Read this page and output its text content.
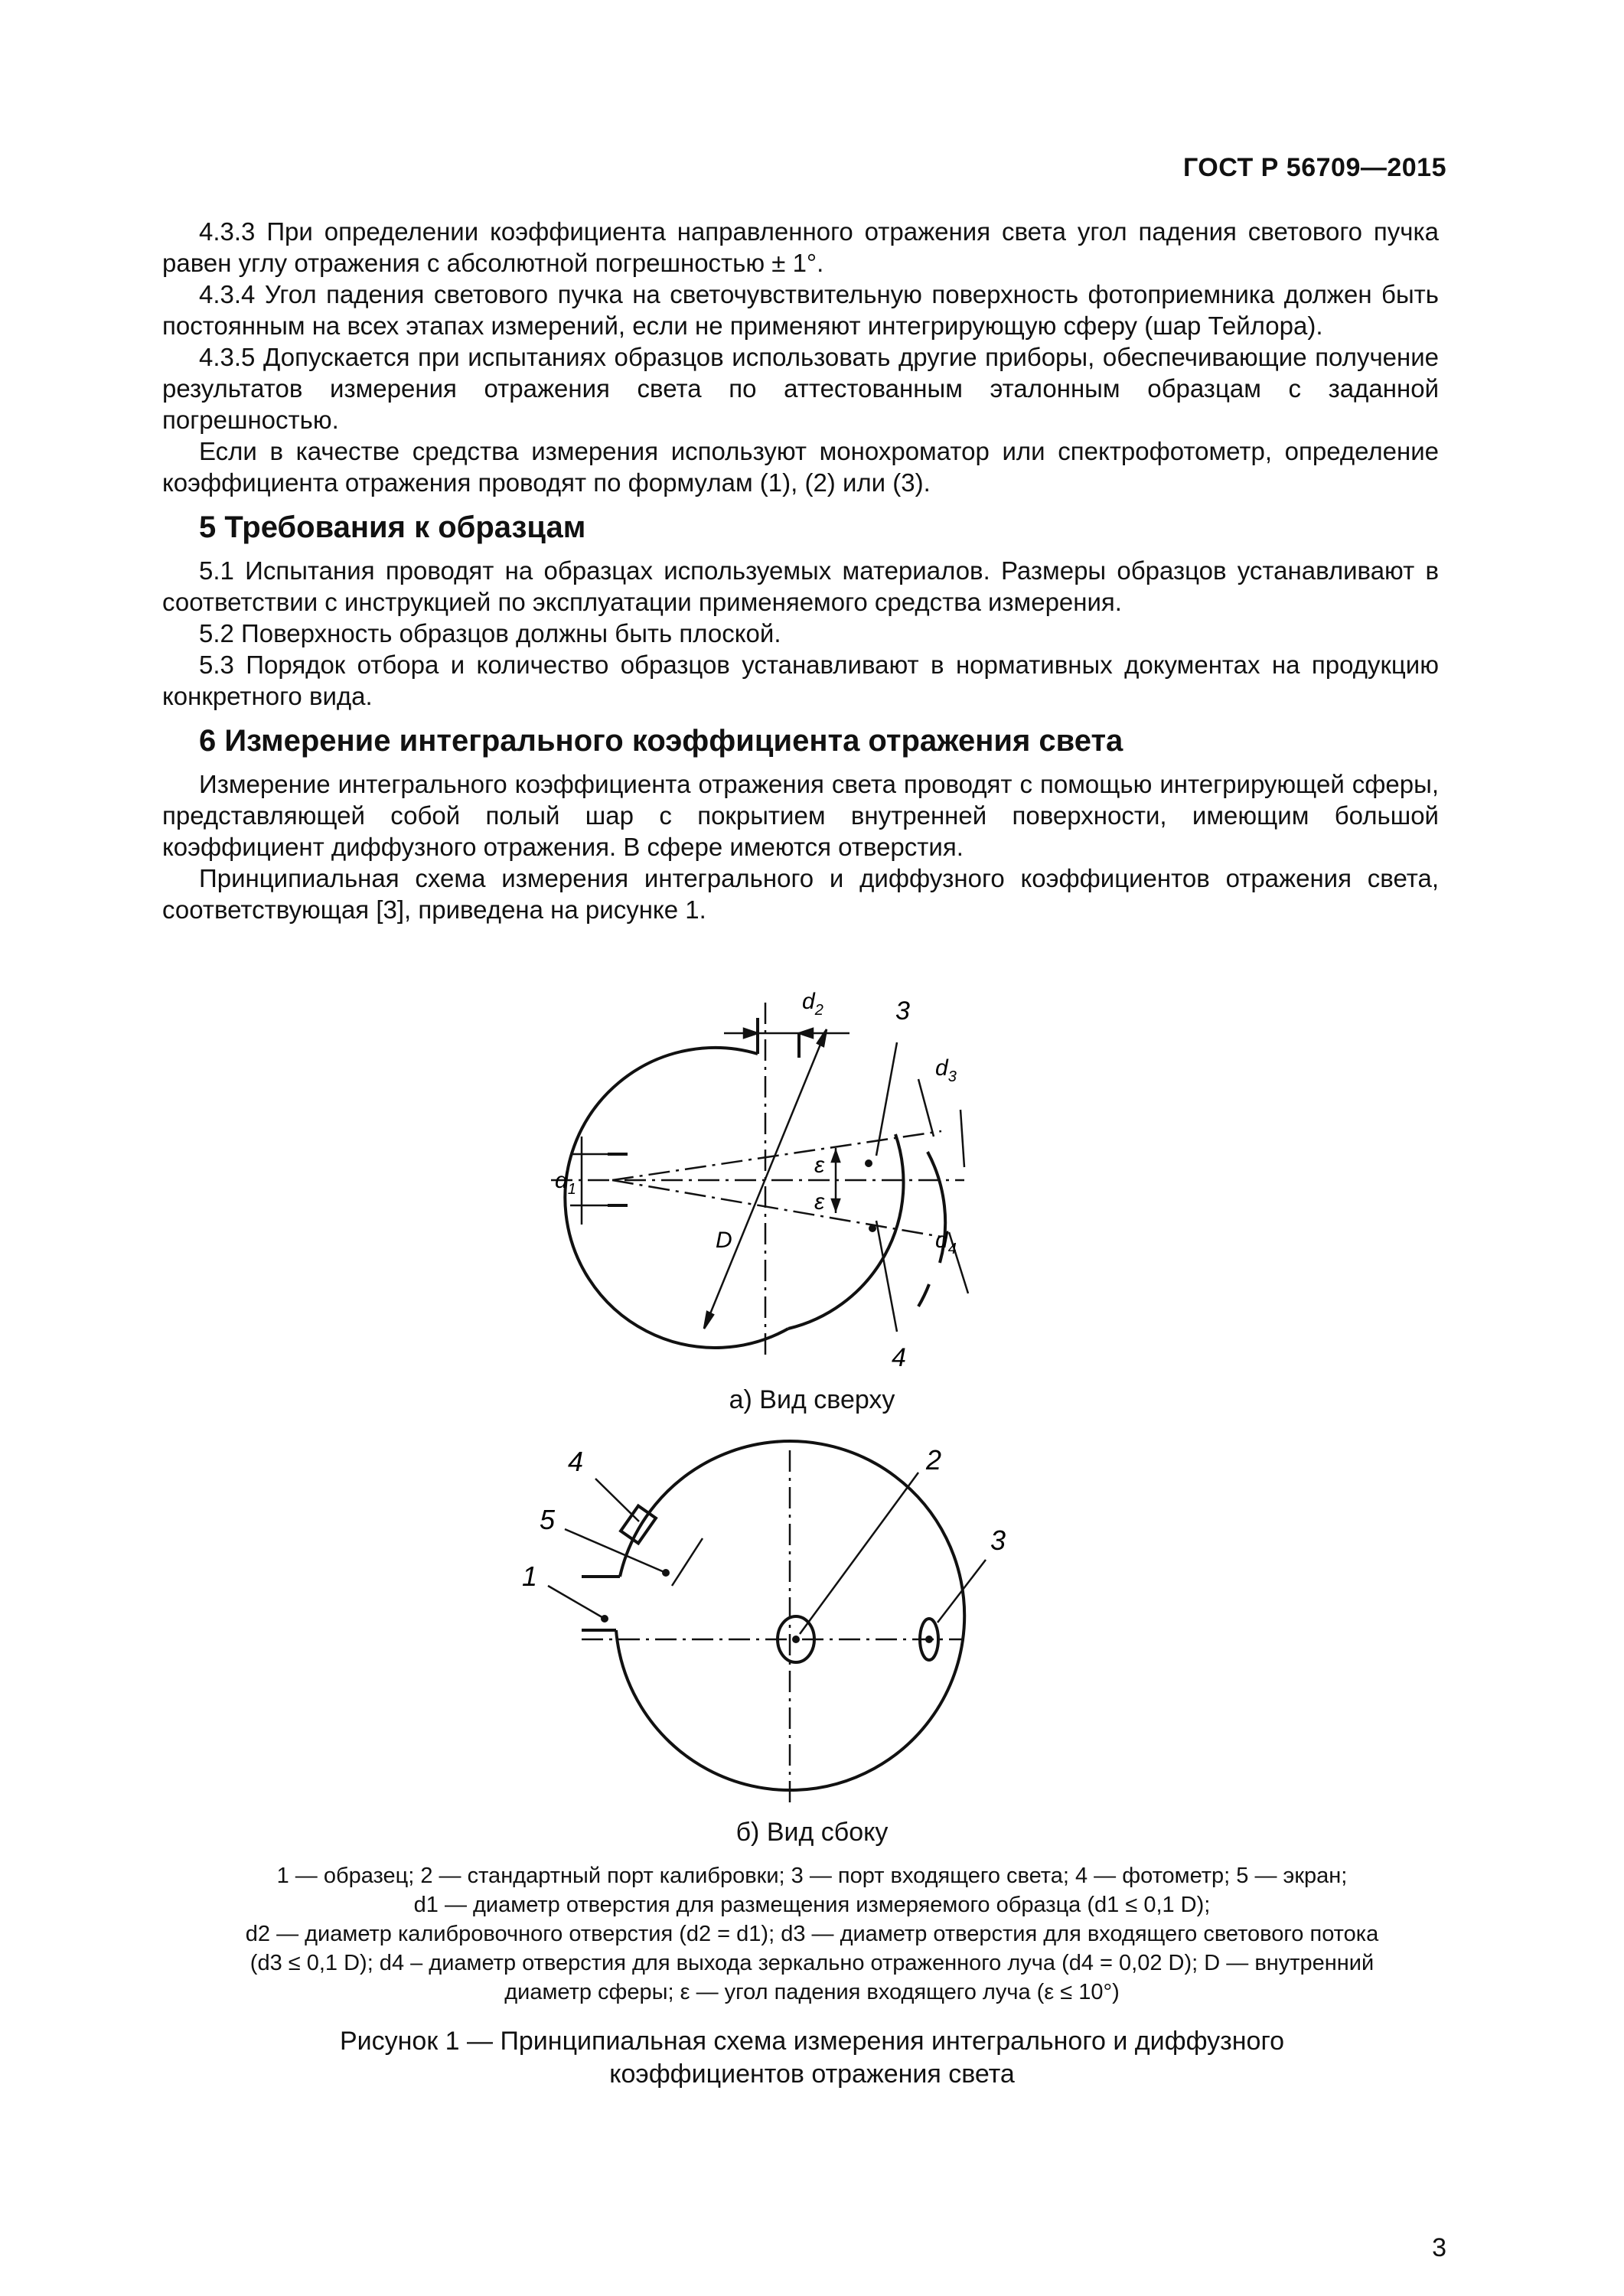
ГОСТ Р 56709—2015

4.3.3 При определении коэффициента направленного отражения света угол падения светового пучка равен углу отражения с абсолютной погрешностью ± 1°.

4.3.4 Угол падения светового пучка на светочувствительную поверхность фотоприемника должен быть постоянным на всех этапах измерений, если не применяют интегрирующую сферу (шар Тейлора).

4.3.5 Допускается при испытаниях образцов использовать другие приборы, обеспечивающие получение результатов измерения отражения света по аттестованным эталонным образцам с заданной погрешностью.

Если в качестве средства измерения используют монохроматор или спектрофотометр, определение коэффициента отражения проводят по формулам (1), (2) или (3).

5 Требования к образцам

5.1 Испытания проводят на образцах используемых материалов. Размеры образцов устанавливают в соответствии с инструкцией по эксплуатации применяемого средства измерения.

5.2 Поверхность образцов должны быть плоской.

5.3 Порядок отбора и количество образцов устанавливают в нормативных документах на продукцию конкретного вида.

6 Измерение интегрального коэффициента отражения света

Измерение интегрального коэффициента отражения света проводят с помощью интегрирующей сферы, представляющей собой полый шар с покрытием внутренней поверхности, имеющим большой коэффициент диффузного отражения. В сфере имеются отверстия.

Принципиальная схема измерения интегрального и диффузного коэффициентов отражения света, соответствующая [3], приведена на рисунке 1.

$d_2$	3
$d_1$
$d_3$
$d_4$
ε
ε
D
4
а) Вид сверху
4
5
1
2
3
б) Вид сбоку

1 — образец; 2 — стандартный порт калибровки; 3 — порт входящего света; 4 — фотометр; 5 — экран;

d1 — диаметр отверстия для размещения измеряемого образца (d1 ≤ 0,1 D);

d2 — диаметр калибровочного отверстия (d2 = d1); d3 — диаметр отверстия для входящего светового потока

(d3 ≤ 0,1 D); d4 – диаметр отверстия для выхода зеркально отраженного луча (d4 = 0,02 D); D — внутренний

диаметр сферы; ε — угол падения входящего луча (ε ≤ 10°)

Рисунок 1 — Принципиальная схема измерения интегрального и диффузного

коэффициентов отражения света

3
